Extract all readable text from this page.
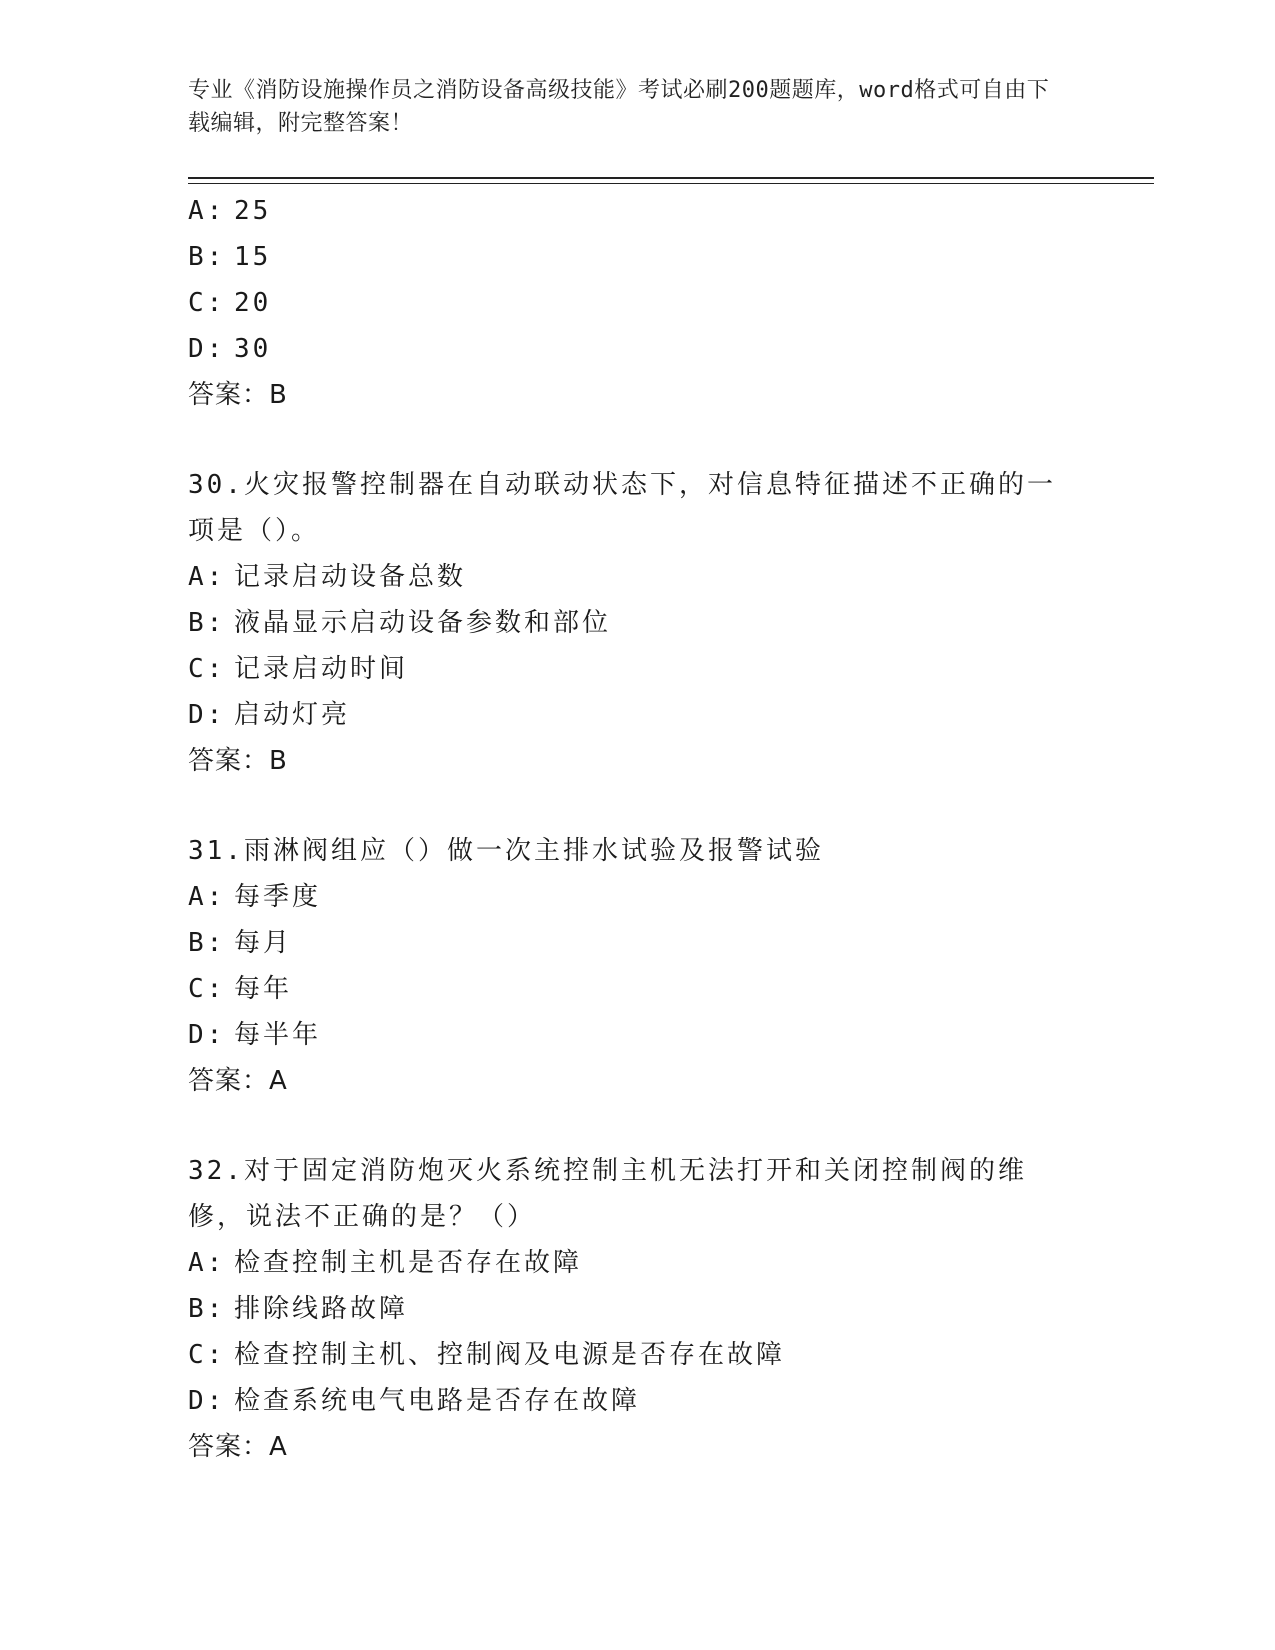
专业《消防设施操作员之消防设备高级技能》考试必刷200题题库，word格式可自由下载编辑，附完整答案！
A: 25
B: 15
C: 20
D: 30
答案：B
30.火灾报警控制器在自动联动状态下，对信息特征描述不正确的一项是（）。
A: 记录启动设备总数
B: 液晶显示启动设备参数和部位
C: 记录启动时间
D: 启动灯亮
答案：B
31.雨淋阀组应（）做一次主排水试验及报警试验
A: 每季度
B: 每月
C: 每年
D: 每半年
答案：A
32.对于固定消防炮灭火系统控制主机无法打开和关闭控制阀的维修，说法不正确的是？（）
A: 检查控制主机是否存在故障
B: 排除线路故障
C: 检查控制主机、控制阀及电源是否存在故障
D: 检查系统电气电路是否存在故障
答案：A
